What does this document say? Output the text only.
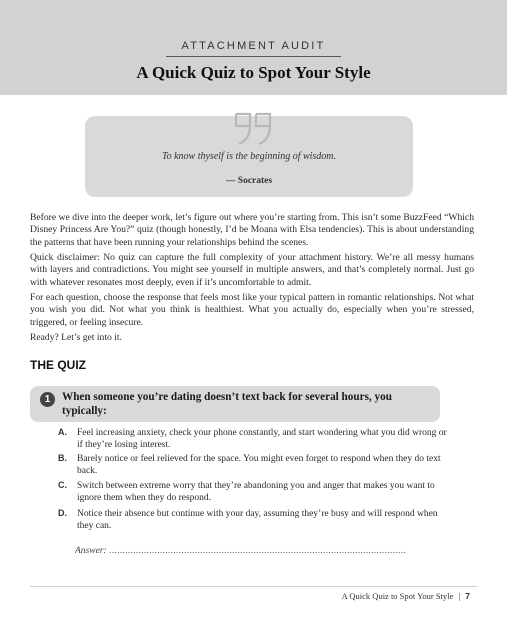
ATTACHMENT AUDIT
A Quick Quiz to Spot Your Style
To know thyself is the beginning of wisdom.
— Socrates
Before we dive into the deeper work, let’s figure out where you’re starting from. This isn’t some BuzzFeed “Which Disney Princess Are You?” quiz (though honestly, I’d be Moana with Elsa tendencies). This is about understanding the patterns that have been running your relationships behind the scenes.
Quick disclaimer: No quiz can capture the full complexity of your attachment history. We’re all messy humans with layers and contradictions. You might see yourself in multiple answers, and that’s completely normal. Just go with whatever resonates most deeply, even if it’s uncomfortable to admit.
For each question, choose the response that feels most like your typical pattern in romantic relationships. Not what you wish you did. Not what you think is healthiest. What you actually do, especially when you’re stressed, triggered, or feeling insecure.
Ready? Let’s get into it.
THE QUIZ
1	When someone you’re dating doesn’t text back for several hours, you typically:
A. Feel increasing anxiety, check your phone constantly, and start wondering what you did wrong or if they’re losing interest.
B. Barely notice or feel relieved for the space. You might even forget to respond when they do text back.
C. Switch between extreme worry that they’re abandoning you and anger that makes you want to ignore them when they do respond.
D. Notice their absence but continue with your day, assuming they’re busy and will respond when they can.
Answer: ...............................................................................................................
A Quick Quiz to Spot Your Style | 7
